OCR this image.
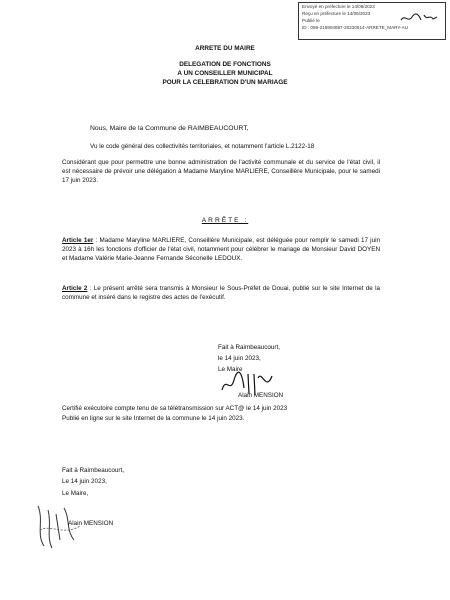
Envoyé en préfecture le 14/06/2023
Reçu en préfecture le 14/06/2023
Publié le
ID : 059-215904897-20230614-ARRETE_MARY-AU
ARRETE DU MAIRE
DELEGATION DE FONCTIONS
A UN CONSEILLER MUNICIPAL
POUR LA CELEBRATION D'UN MARIAGE
Nous, Maire de la Commune de RAIMBEAUCOURT,
Vu le code général des collectivités territoriales, et notamment l'article L.2122-18
Considérant que pour permettre une bonne administration de l'activité communale et du service de l'état civil, il est nécessaire de prévoir une délégation à Madame Maryline MARLIERE, Conseillère Municipale, pour le samedi 17 juin 2023.
ARRÊTE :
Article 1er : Madame Maryline MARLIERE, Conseillère Municipale, est déléguée pour remplir le samedi 17 juin 2023 à 16h les fonctions d'officier de l'état civil, notamment pour célébrer le mariage de Monsieur David DOYEN et Madame Valérie Marie-Jeanne Fernande Séconelle LEDOUX.
Article 2 : Le présent arrêté sera transmis à Monsieur le Sous-Préfet de Douai, publié sur le site Internet de la commune et inséré dans le registre des actes de l'exécutif.
Fait à Raimbeaucourt,
le 14 juin 2023,
Le Maire
Alain MENSION
Certifié exécutoire compte tenu de sa télétransmission sur ACT@ le 14 juin 2023
Publié en ligne sur le site Internet de la commune le 14 juin 2023.
Fait à Raimbeaucourt,
Le 14 juin 2023,
Le Maire,
Alain MENSION
